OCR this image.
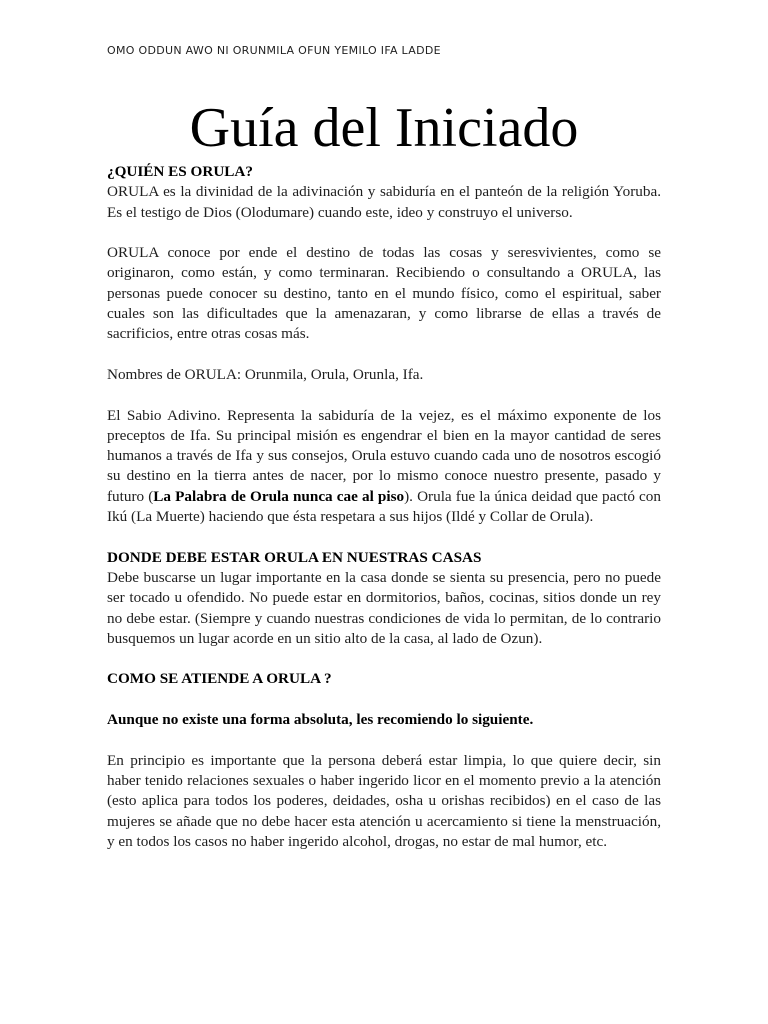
OMO ODDUN AWO NI ORUNMILA OFUN YEMILO IFA LADDE
Guía del Iniciado
¿QUIÉN ES ORULA?

ORULA es la divinidad de la adivinación y sabiduría en el panteón de la religión Yoruba. Es el testigo de Dios (Olodumare) cuando este, ideo y construyo el universo.

ORULA conoce por ende el destino de todas las cosas y seresvivientes, como se originaron, como están, y como terminaran. Recibiendo o consultando a ORULA, las personas puede conocer su destino, tanto en el mundo físico, como el espiritual, saber cuales son las dificultades que la amenazaran, y como librarse de ellas a través de sacrificios, entre otras cosas más.

Nombres de ORULA: Orunmila, Orula, Orunla, Ifa.

El Sabio Adivino. Representa la sabiduría de la vejez, es el máximo exponente de los preceptos de Ifa. Su principal misión es engendrar el bien en la mayor cantidad de seres humanos a través de Ifa y sus consejos, Orula estuvo cuando cada uno de nosotros escogió su destino en la tierra antes de nacer, por lo mismo conoce nuestro presente, pasado y futuro (La Palabra de Orula nunca cae al piso). Orula fue la única deidad que pactó con Ikú (La Muerte) haciendo que ésta respetara a sus hijos (Ildé y Collar de Orula).

DONDE DEBE ESTAR ORULA EN NUESTRAS CASAS

Debe buscarse un lugar importante en la casa donde se sienta su presencia, pero no puede ser tocado u ofendido. No puede estar en dormitorios, baños, cocinas, sitios donde un rey no debe estar. (Siempre y cuando nuestras condiciones de vida lo permitan, de lo contrario busquemos un lugar acorde en un sitio alto de la casa, al lado de Ozun).

COMO SE ATIENDE A ORULA ?

Aunque no existe una forma absoluta, les recomiendo lo siguiente.

En principio es importante que la persona deberá estar limpia, lo que quiere decir, sin haber tenido relaciones sexuales o haber ingerido licor en el momento previo a la atención (esto aplica para todos los poderes, deidades, osha u orishas recibidos) en el caso de las mujeres se añade que no debe hacer esta atención u acercamiento si tiene la menstruación, y en todos los casos no haber ingerido alcohol, drogas, no estar de mal humor, etc.
